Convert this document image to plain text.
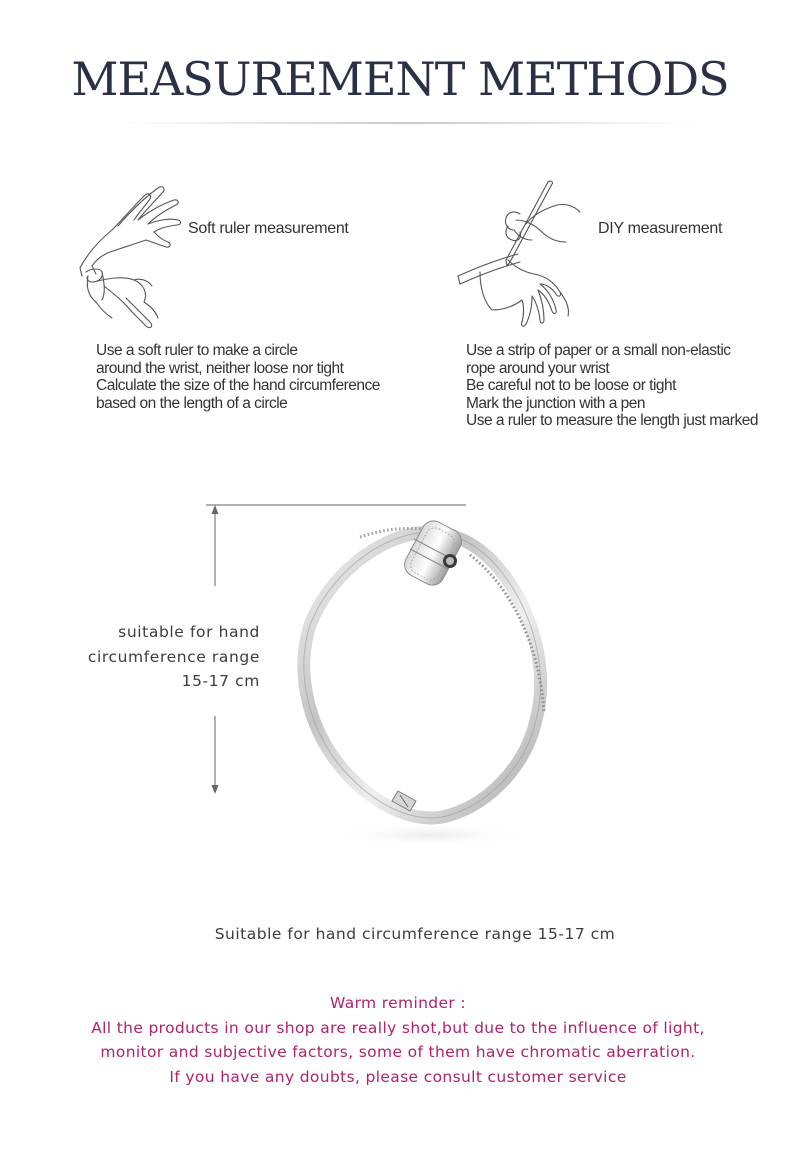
MEASUREMENT METHODS
Soft ruler measurement
Use a soft ruler to make a circle
around the wrist, neither loose nor tight
Calculate the size of the hand circumference
based on the length of a circle
DIY measurement
Use a strip of paper or a small non-elastic
rope around your wrist
Be careful not to be loose or tight
Mark the junction with a pen
Use a ruler to measure the length just marked
suitable for hand
circumference range
15-17 cm
Suitable for hand circumference range 15-17 cm
Warm reminder :
All the products in our shop are really shot,but due to the influence of light,
monitor and subjective factors, some of them have chromatic aberration.
If you have any doubts, please consult customer service
